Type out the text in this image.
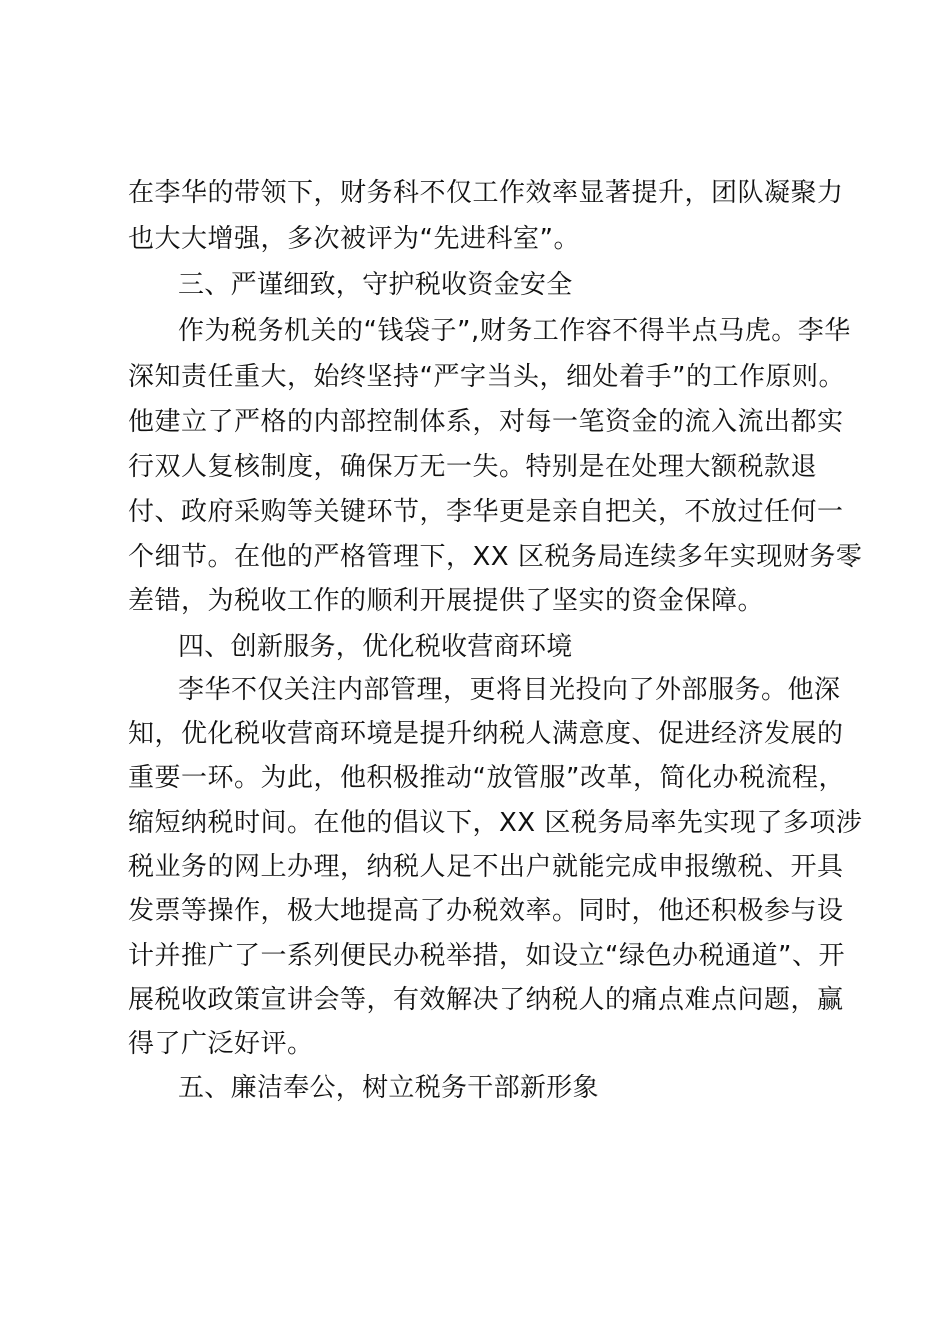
在李华的带领下，财务科不仅工作效率显著提升，团队凝聚力
也大大增强，多次被评为“先进科室”。
三、严谨细致，守护税收资金安全
作为税务机关的“钱袋子”,财务工作容不得半点马虎。李华
深知责任重大，始终坚持“严字当头，细处着手”的工作原则。
他建立了严格的内部控制体系，对每一笔资金的流入流出都实
行双人复核制度，确保万无一失。特别是在处理大额税款退
付、政府采购等关键环节，李华更是亲自把关，不放过任何一
个细节。在他的严格管理下，XX 区税务局连续多年实现财务零
差错，为税收工作的顺利开展提供了坚实的资金保障。
四、创新服务，优化税收营商环境
李华不仅关注内部管理，更将目光投向了外部服务。他深
知，优化税收营商环境是提升纳税人满意度、促进经济发展的
重要一环。为此，他积极推动“放管服”改革，简化办税流程，
缩短纳税时间。在他的倡议下，XX 区税务局率先实现了多项涉
税业务的网上办理，纳税人足不出户就能完成申报缴税、开具
发票等操作，极大地提高了办税效率。同时，他还积极参与设
计并推广了一系列便民办税举措，如设立“绿色办税通道”、开
展税收政策宣讲会等，有效解决了纳税人的痛点难点问题，赢
得了广泛好评。
五、廉洁奉公，树立税务干部新形象
